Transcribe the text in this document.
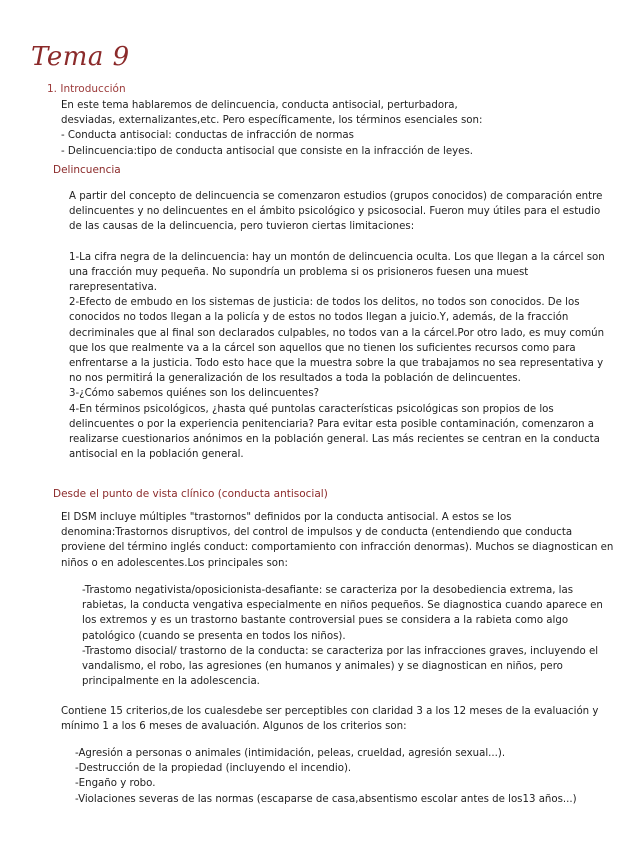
Tema 9
1. Introducción

En este tema hablaremos de delincuencia, conducta antisocial, perturbadora, desviadas, externalizantes,etc. Pero específicamente, los términos esenciales son:

- Conducta antisocial: conductas de infracción de normas

- Delincuencia:tipo de conducta antisocial que consiste en la infracción de leyes.

Delincuencia

A partir del concepto de delincuencia se comenzaron estudios (grupos conocidos) de comparación entre delincuentes y no delincuentes en el ámbito psicológico y psicosocial. Fueron muy útiles para el estudio de las causas de la delincuencia, pero tuvieron ciertas limitaciones:

1-La cifra negra de la delincuencia: hay un montón de delincuencia oculta. Los que llegan a la cárcel son una fracción muy pequeña. No supondría un problema si os prisioneros fuesen una muest rarepresentativa.

2-Efecto de embudo en los sistemas de justicia: de todos los delitos, no todos son conocidos. De los conocidos no todos llegan a la policía y de estos no todos llegan a juicio.Y, además, de la fracción decriminales que al final son declarados culpables, no todos van a la cárcel.Por otro lado, es muy común que los que realmente va a la cárcel son aquellos que no tienen los suficientes recursos como para enfrentarse a la justicia. Todo esto hace que la muestra sobre la que trabajamos no sea representativa y no nos permitirá la generalización de los resultados a toda la población de delincuentes.

3-¿Cómo sabemos quiénes son los delincuentes?

4-En términos psicológicos, ¿hasta qué puntolas características psicológicas son propios de los delincuentes o por la experiencia penitenciaria? Para evitar esta posible contaminación, comenzaron a realizarse cuestionarios anónimos en la población general. Las más recientes se centran en la conducta antisocial en la población general.

Desde el punto de vista clínico (conducta antisocial)

El DSM incluye múltiples "trastornos" definidos por la conducta antisocial. A estos se los denomina:Trastornos disruptivos, del control de impulsos y de conducta (entendiendo que conducta proviene del término inglés conduct: comportamiento con infracción denormas). Muchos se diagnostican en niños o en adolescentes.Los principales son:

-Trastomo negativista/oposicionista-desafiante: se caracteriza por la desobediencia extrema, las rabietas, la conducta vengativa especialmente en niños pequeños. Se diagnostica cuando aparece en los extremos y es un trastorno bastante controversial pues se considera a la rabieta como algo patológico (cuando se presenta en todos los niños).

-Trastomo disocial/ trastorno de la conducta: se caracteriza por las infracciones graves, incluyendo el vandalismo, el robo, las agresiones (en humanos y animales) y se diagnostican en niños, pero principalmente en la adolescencia.

Contiene 15 criterios,de los cualesdebe ser perceptibles con claridad 3 a los 12 meses de la evaluación y mínimo 1 a los 6 meses de avaluación. Algunos de los criterios son:

-Agresión a personas o animales (intimidación, peleas, crueldad, agresión sexual...).

-Destrucción de la propiedad (incluyendo el incendio).

-Engaño y robo.

-Violaciones severas de las normas (escaparse de casa,absentismo escolar antes de los13 años...)
